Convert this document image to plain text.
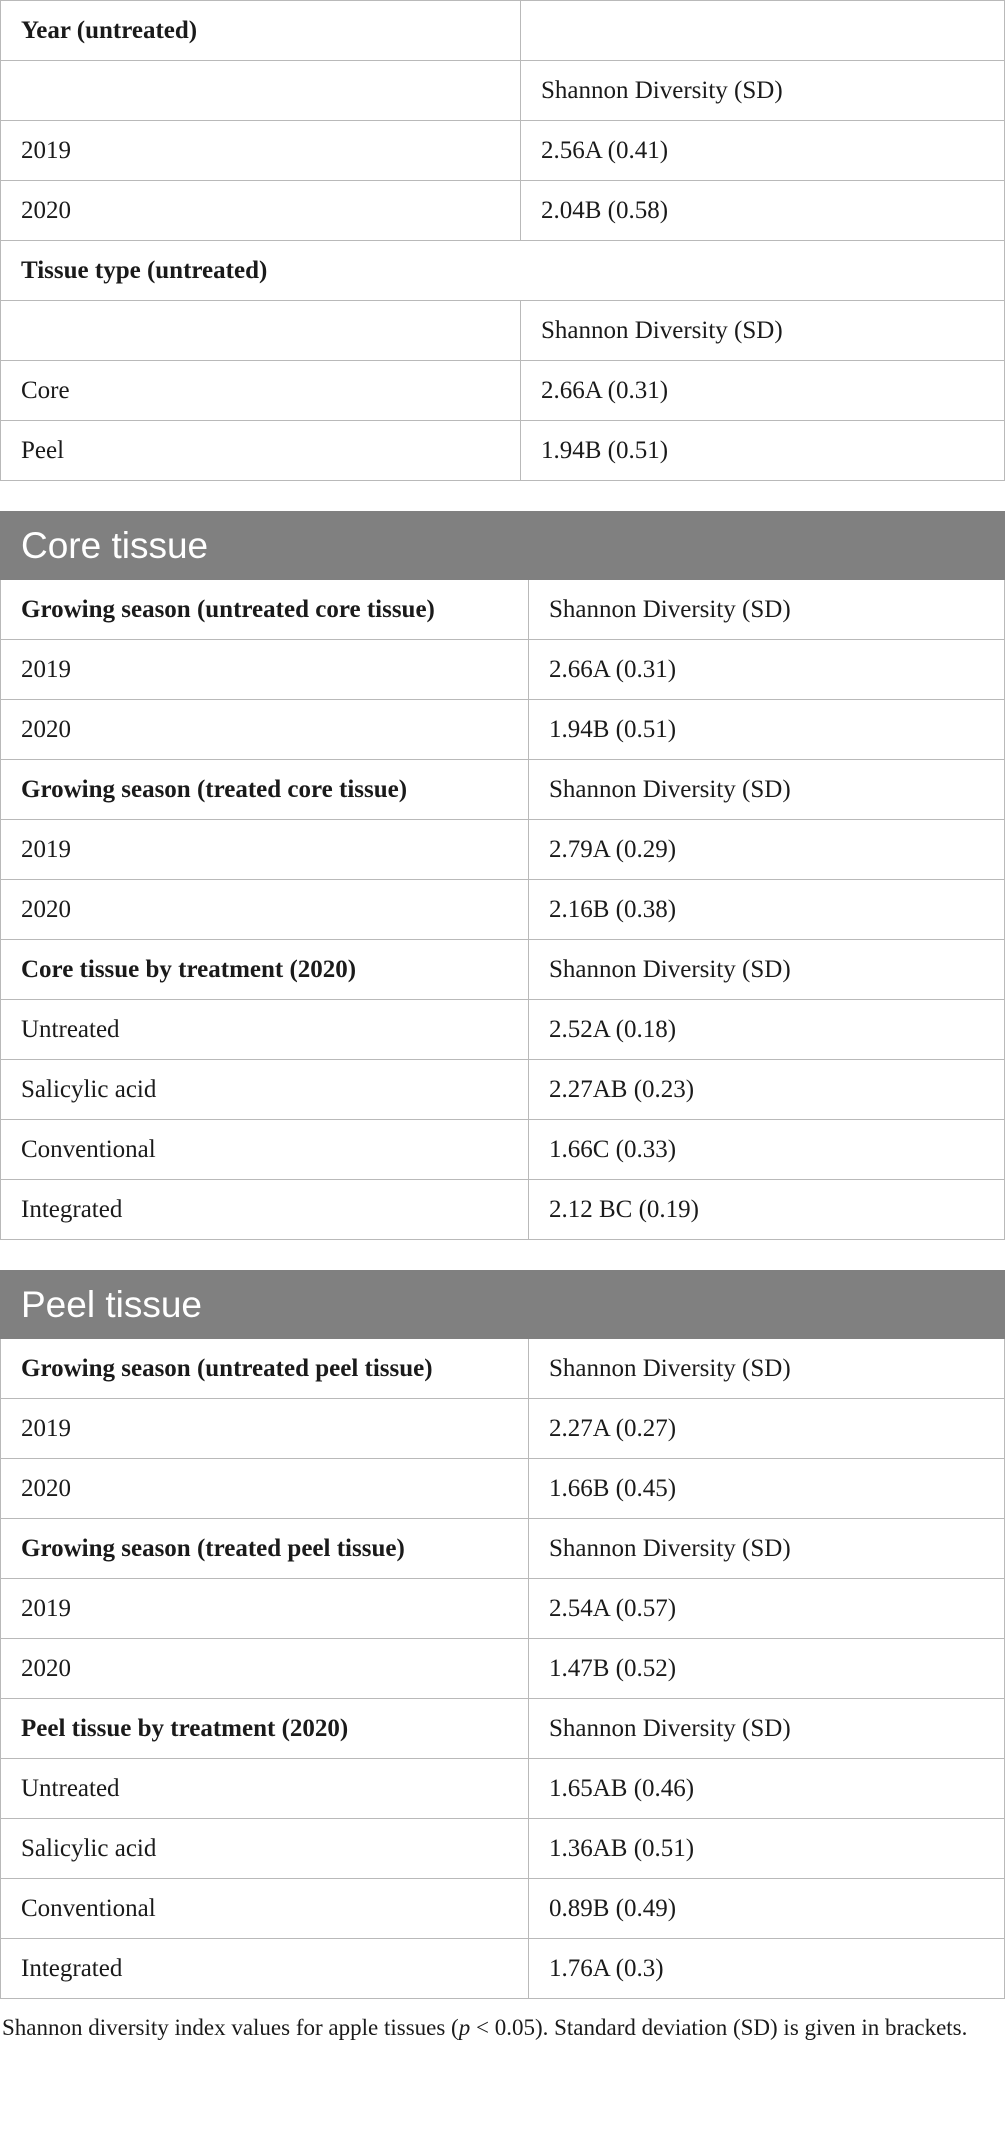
Year (untreated)	
	Shannon Diversity (SD)
2019	2.56A (0.41)
2020	2.04B (0.58)
Tissue type (untreated)	
	Shannon Diversity (SD)
Core	2.66A (0.31)
Peel	1.94B (0.51)
Core tissue	
Growing season (untreated core tissue)	Shannon Diversity (SD)
2019	2.66A (0.31)
2020	1.94B (0.51)
Growing season (treated core tissue)	Shannon Diversity (SD)
2019	2.79A (0.29)
2020	2.16B (0.38)
Core tissue by treatment (2020)	Shannon Diversity (SD)
Untreated	2.52A (0.18)
Salicylic acid	2.27AB (0.23)
Conventional	1.66C (0.33)
Integrated	2.12 BC (0.19)
Peel tissue	
Growing season (untreated peel tissue)	Shannon Diversity (SD)
2019	2.27A (0.27)
2020	1.66B (0.45)
Growing season (treated peel tissue)	Shannon Diversity (SD)
2019	2.54A (0.57)
2020	1.47B (0.52)
Peel tissue by treatment (2020)	Shannon Diversity (SD)
Untreated	1.65AB (0.46)
Salicylic acid	1.36AB (0.51)
Conventional	0.89B (0.49)
Integrated	1.76A (0.3)
Shannon diversity index values for apple tissues (p < 0.05). Standard deviation (SD) is given in brackets.
